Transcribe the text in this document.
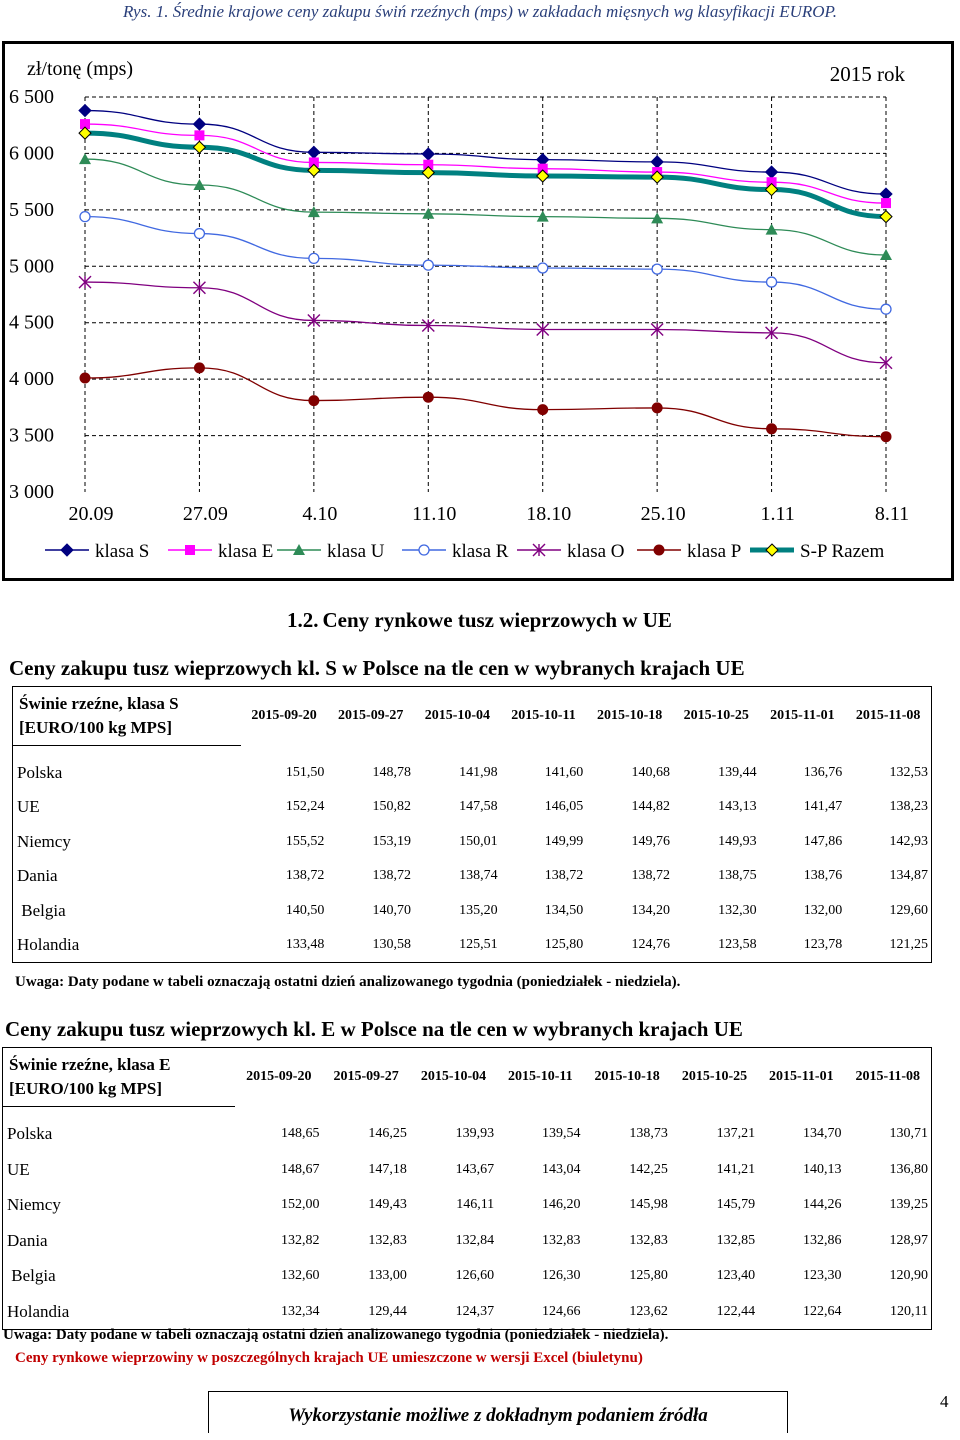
Rys. 1. Średnie krajowe ceny zakupu świń rzeźnych (mps) w zakładach mięsnych wg klasyfikacji EUROP.
6 500
6 000
5 500
5 000
4 500
4 000
3 500
3 000
20.09	27.09	4.10	11.10	18.10	25.10	1.11	8.11
zł/tonę (mps)	2015 rok
klasa S	klasa E	klasa U	klasa R	klasa O	klasa P	S-P Razem
1.2. Ceny rynkowe tusz wieprzowych w UE
Ceny zakupu tusz wieprzowych kl. S w Polsce na tle cen w wybranych krajach UE
Świnie rzeźne, klasa S
[EURO/100 kg MPS]	2015-09-20	2015-09-27	2015-10-04	2015-10-11	2015-10-18	2015-10-25	2015-11-01	2015-11-08

Polska	151,50	148,78	141,98	141,60	140,68	139,44	136,76	132,53
UE	152,24	150,82	147,58	146,05	144,82	143,13	141,47	138,23
Niemcy	155,52	153,19	150,01	149,99	149,76	149,93	147,86	142,93
Dania	138,72	138,72	138,74	138,72	138,72	138,75	138,76	134,87
Belgia	140,50	140,70	135,20	134,50	134,20	132,30	132,00	129,60
Holandia	133,48	130,58	125,51	125,80	124,76	123,58	123,78	121,25
Uwaga: Daty podane w tabeli oznaczają ostatni dzień analizowanego tygodnia (poniedziałek - niedziela).
Ceny zakupu tusz wieprzowych kl. E w Polsce na tle cen w wybranych krajach UE
Świnie rzeźne, klasa E
[EURO/100 kg MPS]	2015-09-20	2015-09-27	2015-10-04	2015-10-11	2015-10-18	2015-10-25	2015-11-01	2015-11-08

Polska	148,65	146,25	139,93	139,54	138,73	137,21	134,70	130,71
UE	148,67	147,18	143,67	143,04	142,25	141,21	140,13	136,80
Niemcy	152,00	149,43	146,11	146,20	145,98	145,79	144,26	139,25
Dania	132,82	132,83	132,84	132,83	132,83	132,85	132,86	128,97
Belgia	132,60	133,00	126,60	126,30	125,80	123,40	123,30	120,90
Holandia	132,34	129,44	124,37	124,66	123,62	122,44	122,64	120,11
Uwaga: Daty podane w tabeli oznaczają ostatni dzień analizowanego tygodnia (poniedziałek - niedziela).
Ceny rynkowe wieprzowiny w poszczególnych krajach UE umieszczone w wersji Excel (biuletynu)
Wykorzystanie możliwe z dokładnym podaniem źródła
4
